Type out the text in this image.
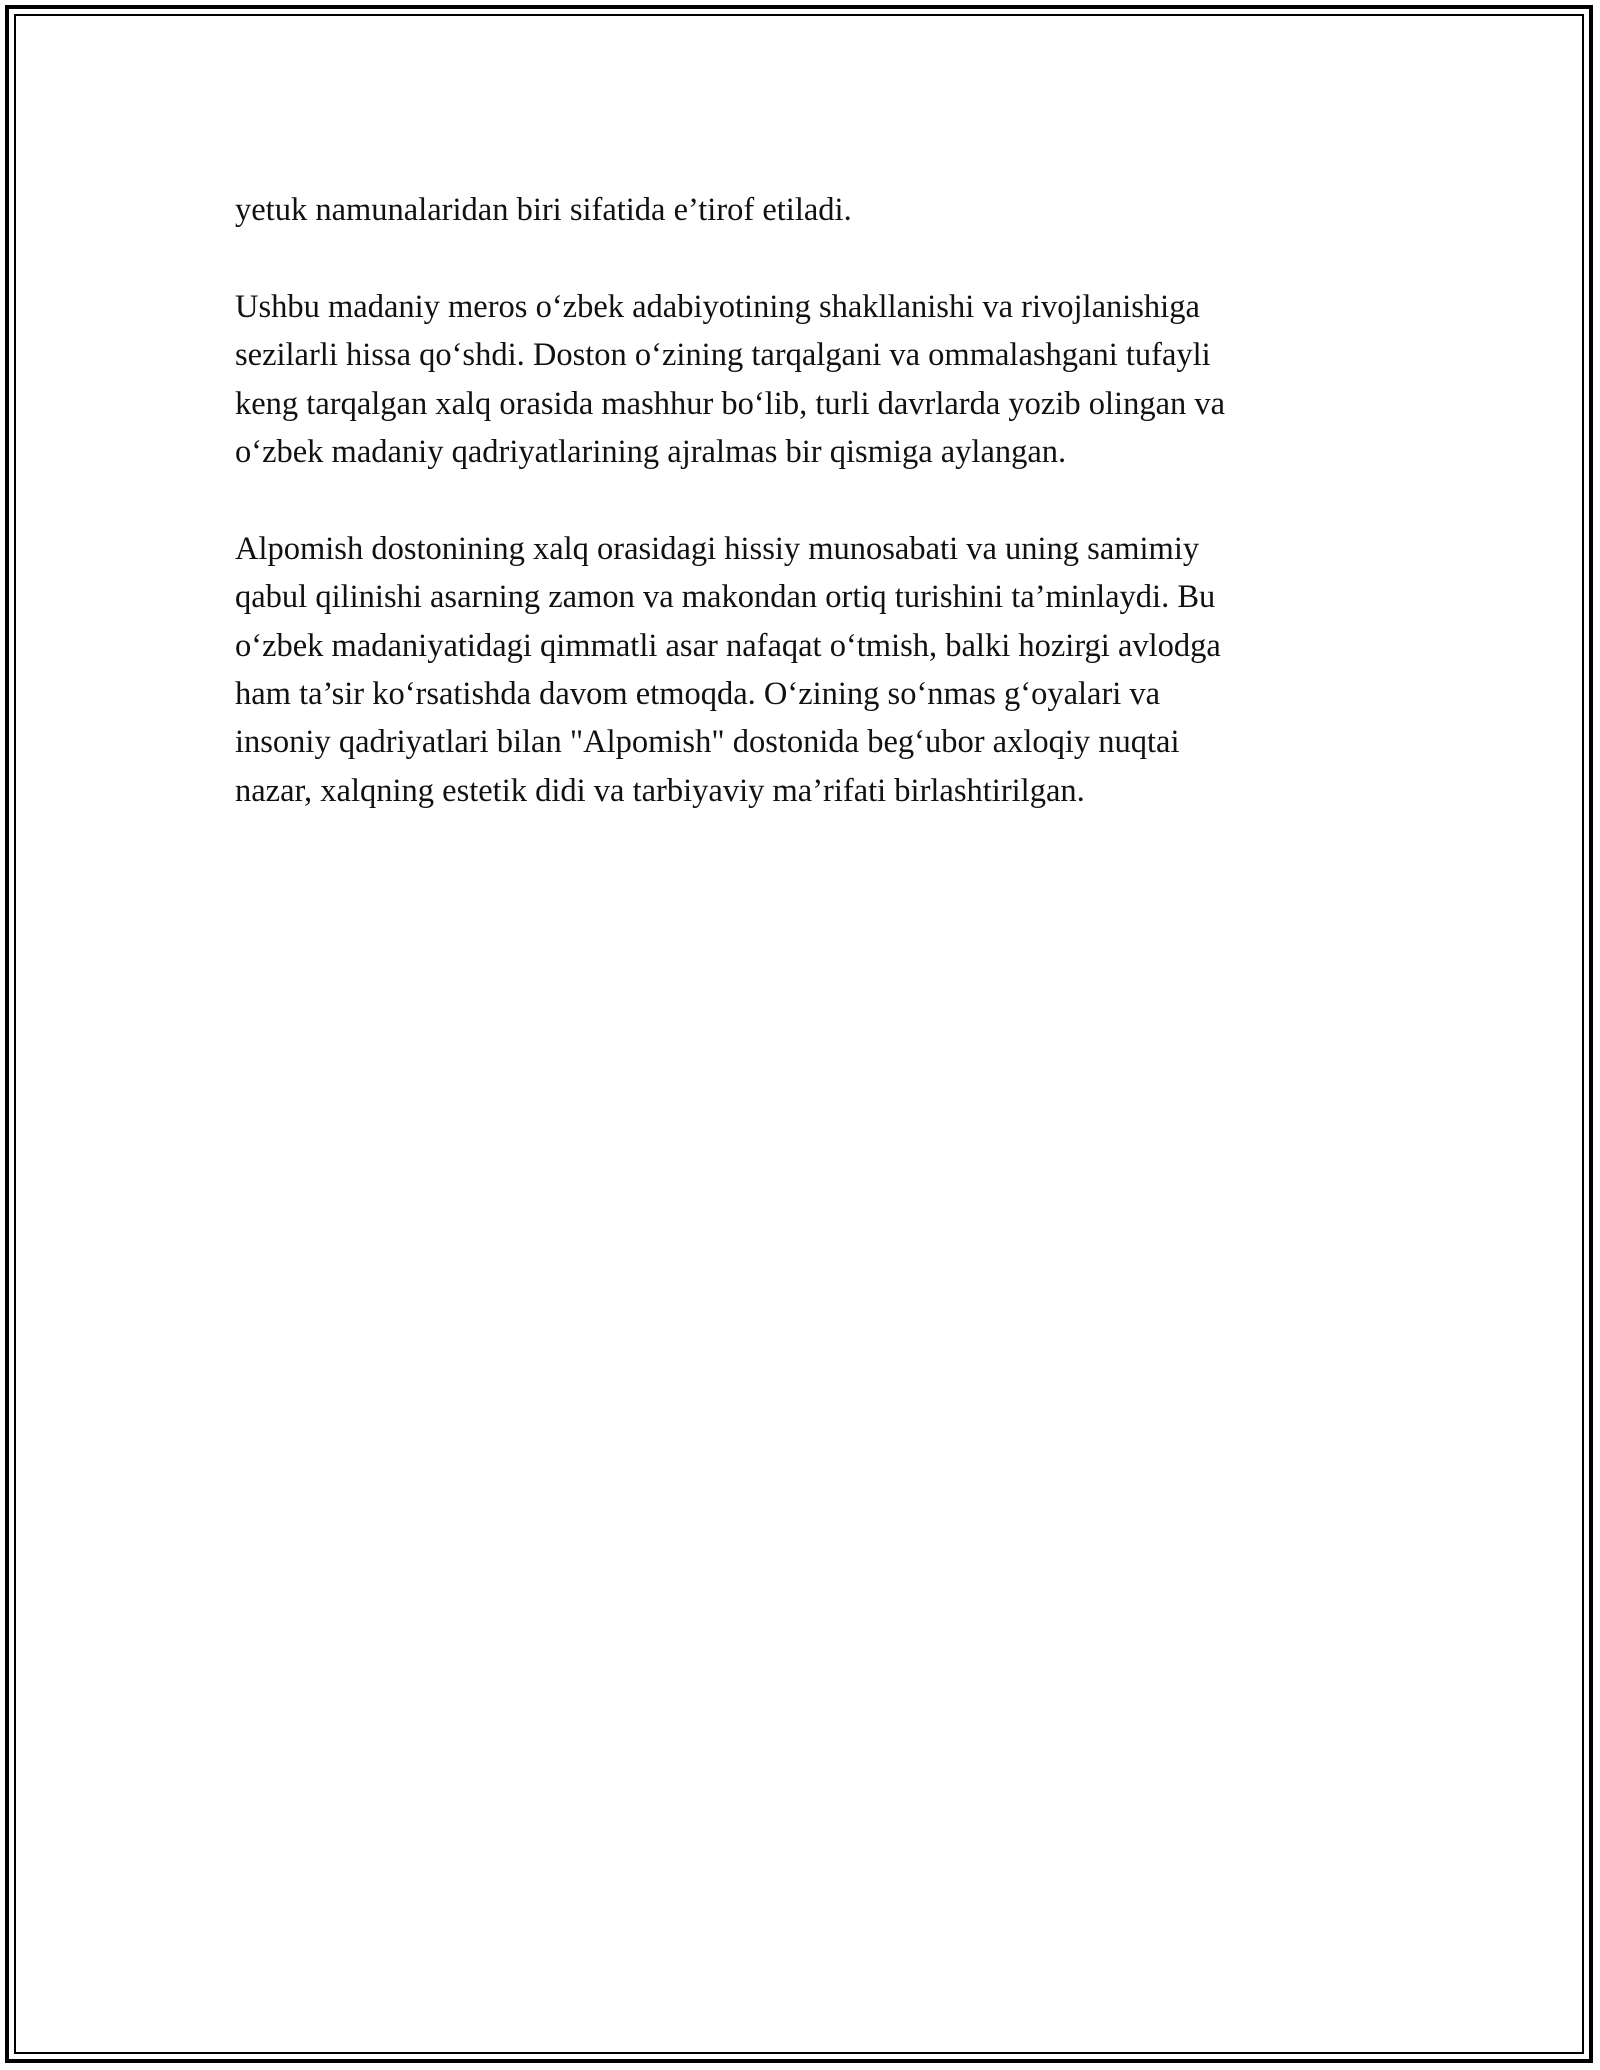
yetuk namunalaridan biri sifatida e’tirof etiladi.

Ushbu madaniy meros o‘zbek adabiyotining shakllanishi va rivojlanishiga
sezilarli hissa qo‘shdi. Doston o‘zining tarqalgani va ommalashgani tufayli
keng tarqalgan xalq orasida mashhur bo‘lib, turli davrlarda yozib olingan va
o‘zbek madaniy qadriyatlarining ajralmas bir qismiga aylangan.

Alpomish dostonining xalq orasidagi hissiy munosabati va uning samimiy
qabul qilinishi asarning zamon va makondan ortiq turishini ta’minlaydi. Bu
o‘zbek madaniyatidagi qimmatli asar nafaqat o‘tmish, balki hozirgi avlodga
ham ta’sir ko‘rsatishda davom etmoqda. O‘zining so‘nmas g‘oyalari va
insoniy qadriyatlari bilan "Alpomish" dostonida beg‘ubor axloqiy nuqtai
nazar, xalqning estetik didi va tarbiyaviy ma’rifati birlashtirilgan.
